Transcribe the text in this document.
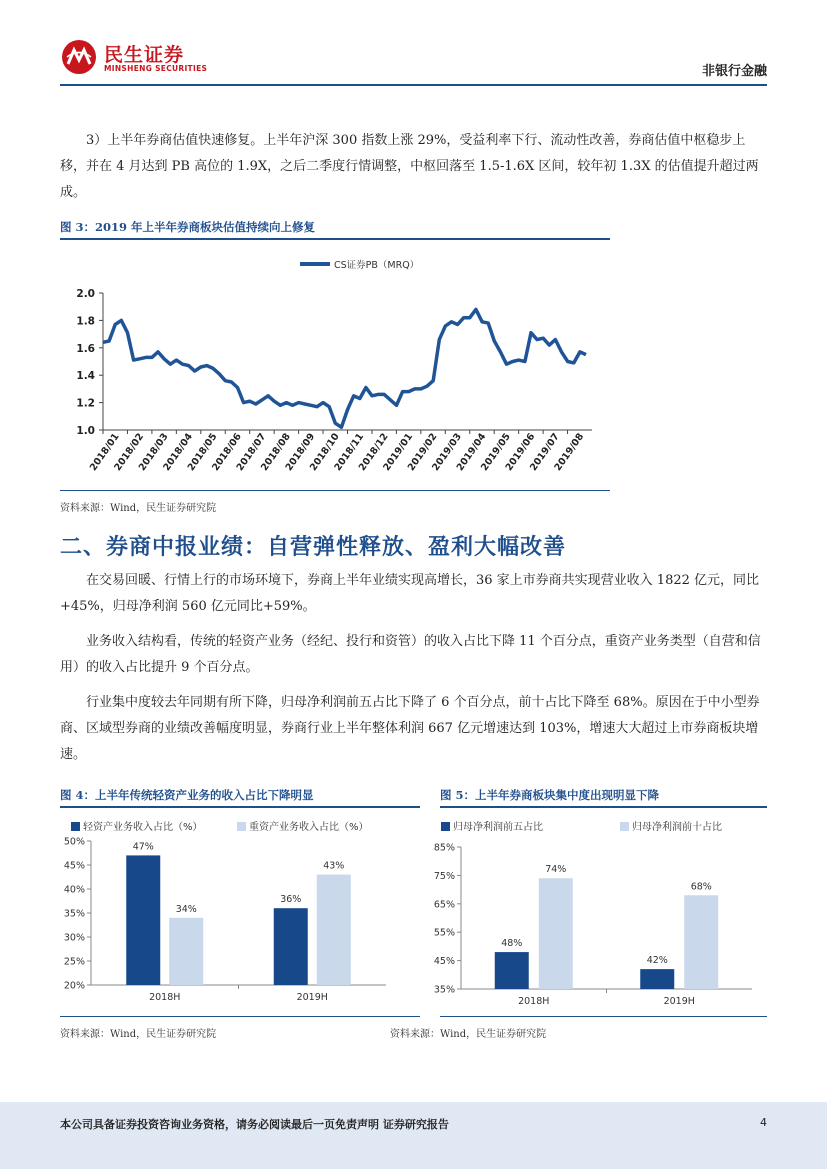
民生证券
MINSHENG SECURITIES	非银行金融

3）上半年券商估值快速修复。上半年沪深 300 指数上涨 29%，受益利率下行、流动性改善，券商估值中枢稳步上移，并在 4 月达到 PB 高位的 1.9X，之后二季度行情调整，中枢回落至 1.5-1.6X 区间，较年初 1.3X 的估值提升超过两成。

图 3：2019 年上半年券商板块估值持续向上修复
CS证券PB（MRQ）
1.0
1.2
1.4
1.6
1.8
2.0
2018/01
2018/02
2018/03
2018/04
2018/05
2018/06
2018/07
2018/08
2018/09
2018/10
2018/11
2018/12
2019/01
2019/02
2019/03
2019/04
2019/05
2019/06
2019/07
2019/08
资料来源：Wind，民生证券研究院
二、券商中报业绩：自营弹性释放、盈利大幅改善

在交易回暖、行情上行的市场环境下，券商上半年业绩实现高增长，36 家上市券商共实现营业收入 1822 亿元，同比+45%，归母净利润 560 亿元同比+59%。

业务收入结构看，传统的轻资产业务（经纪、投行和资管）的收入占比下降 11 个百分点，重资产业务类型（自营和信用）的收入占比提升 9 个百分点。

行业集中度较去年同期有所下降，归母净利润前五占比下降了 6 个百分点，前十占比下降至 68%。原因在于中小型券商、区域型券商的业绩改善幅度明显，券商行业上半年整体利润 667 亿元增速达到 103%，增速大大超过上市券商板块增速。

图 4：上半年传统轻资产业务的收入占比下降明显
轻资产业务收入占比（%）	重资产业务收入占比（%）
20%
25%
30%
35%
40%
45%
50%
2018H
47%
34%
2019H
36%
43%
资料来源：Wind，民生证券研究院
图 5：上半年券商板块集中度出现明显下降
归母净利润前五占比	归母净利润前十占比
35%
45%
55%
65%
75%
85%
2018H
48%
74%
2019H
42%
68%
资料来源：Wind，民生证券研究院
本公司具备证券投资咨询业务资格，请务必阅读最后一页免责声明 证券研究报告	4
